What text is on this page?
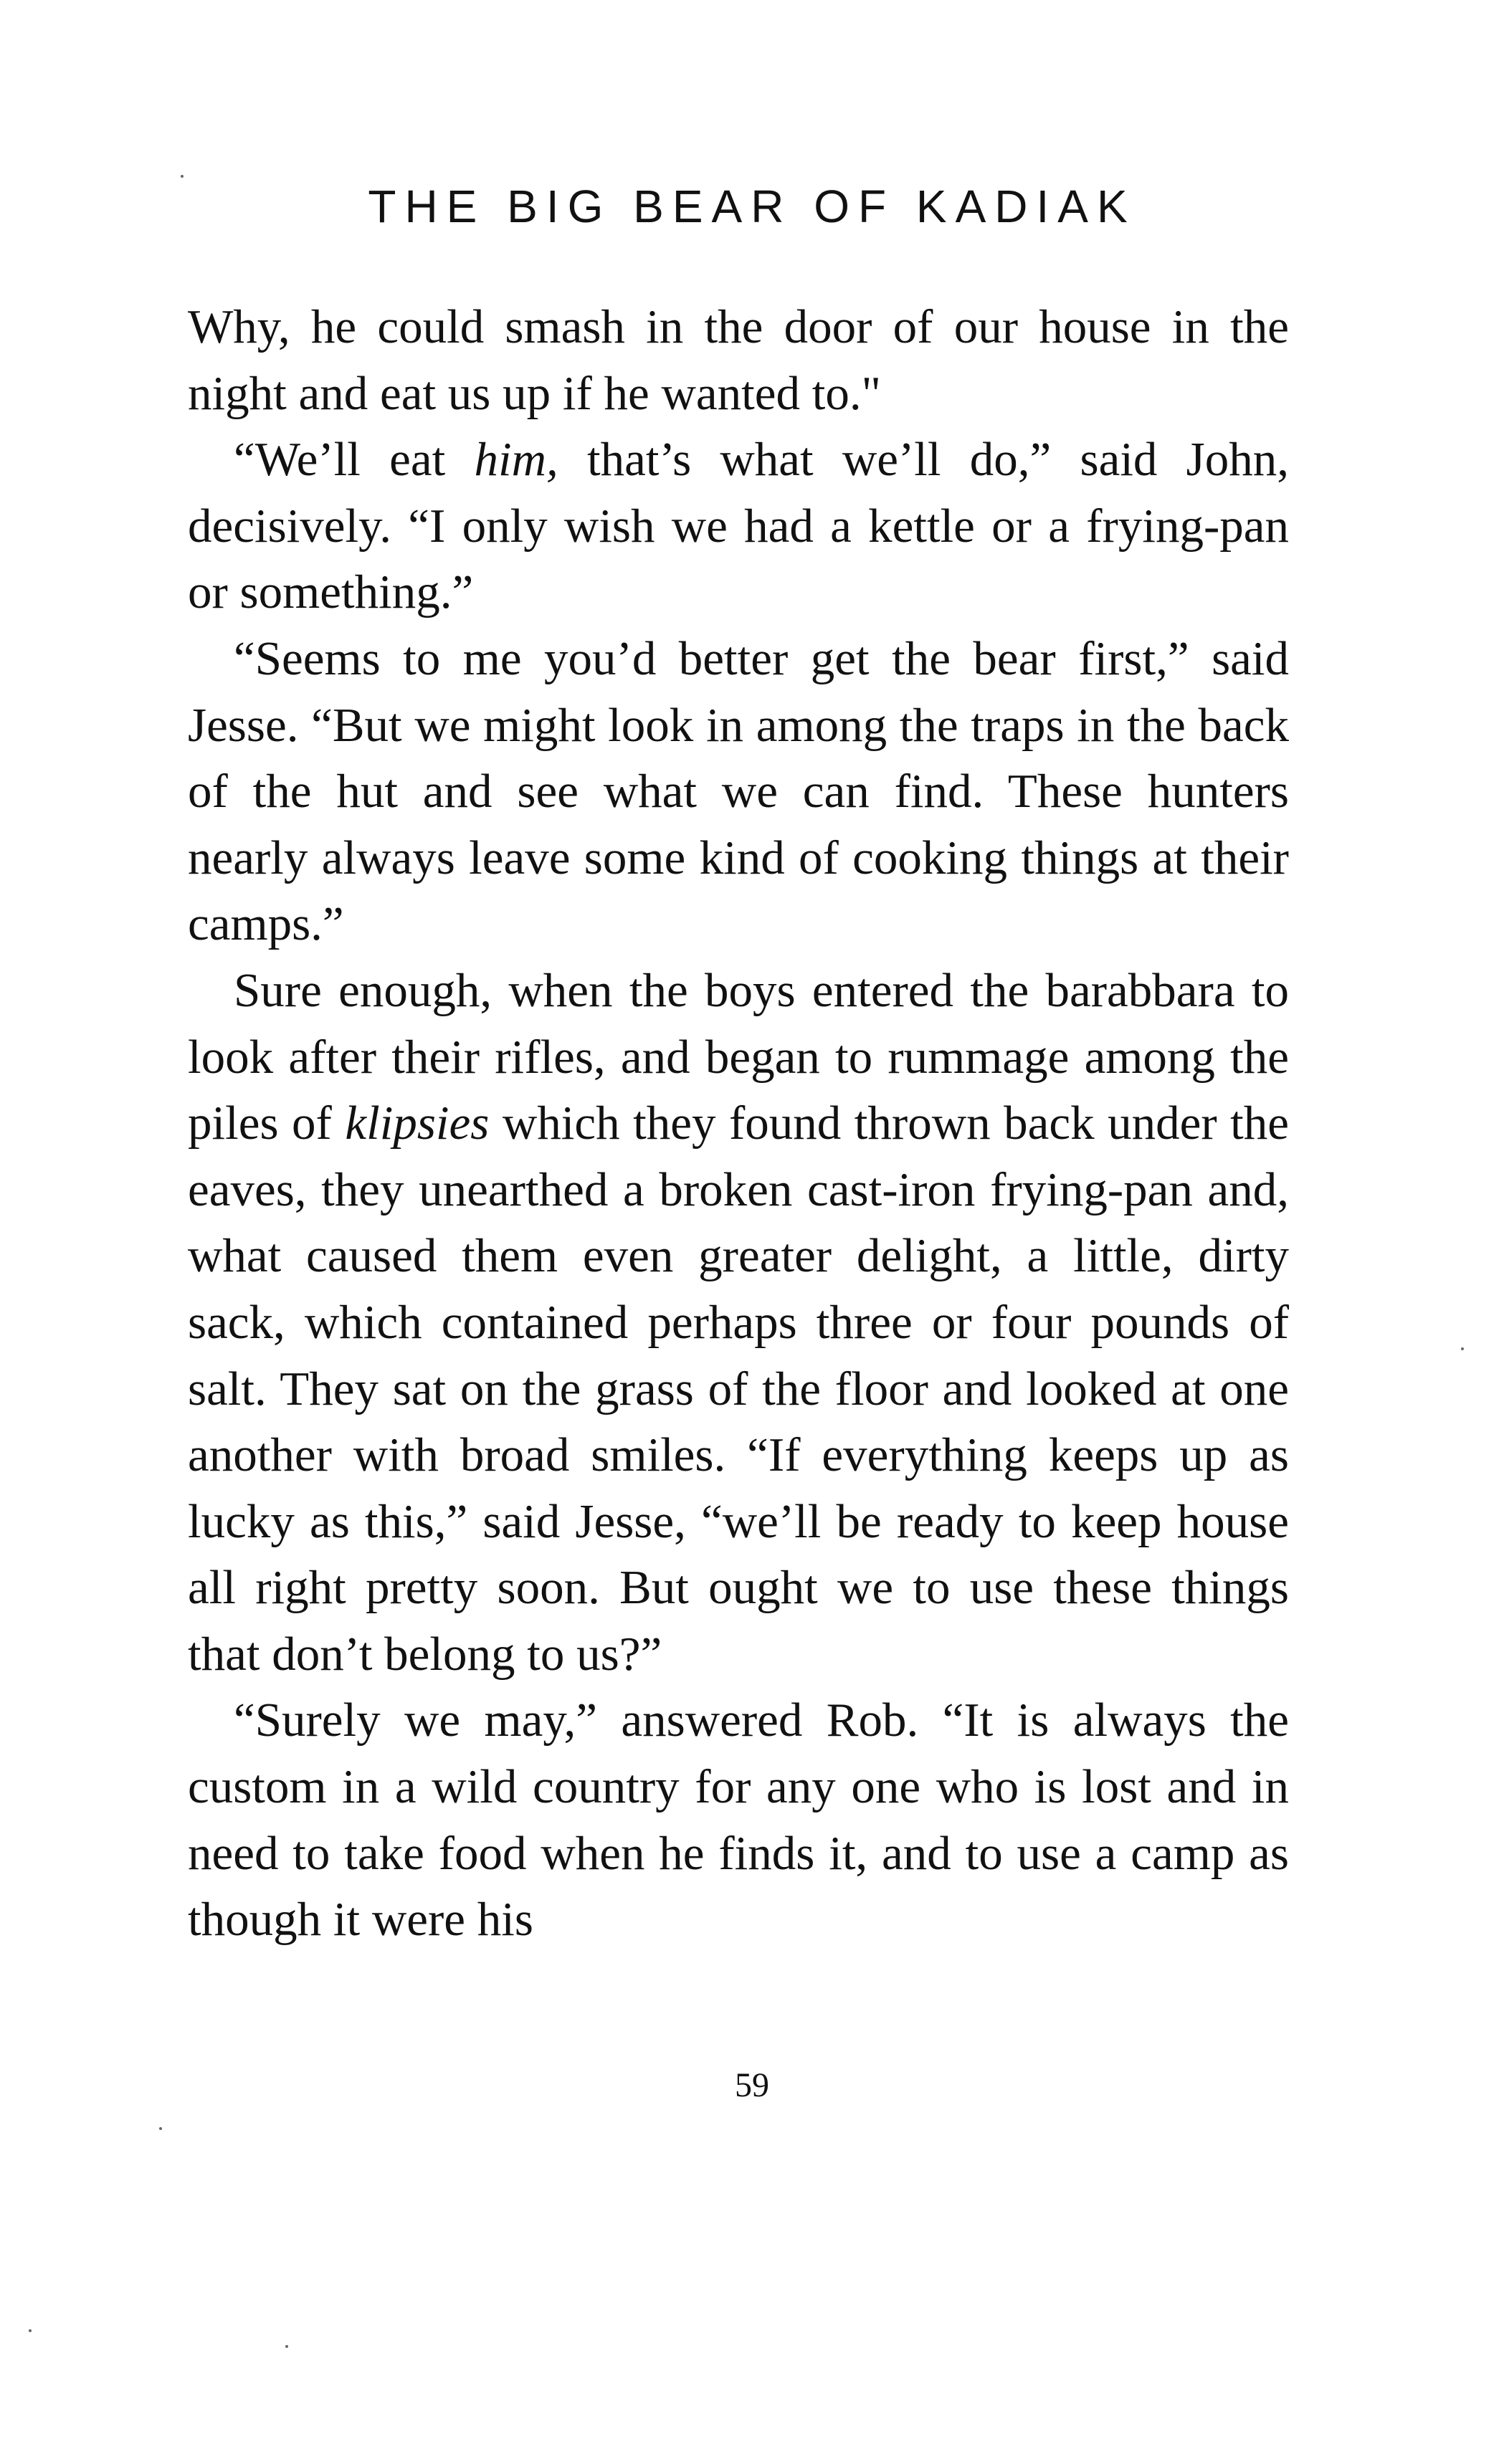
THE BIG BEAR OF KADIAK

Why, he could smash in the door of our house in the night and eat us up if he wanted to."

“We’ll eat him, that’s what we’ll do,” said John, decisively. “I only wish we had a kettle or a frying-pan or something.”

“Seems to me you’d better get the bear first,” said Jesse. “But we might look in among the traps in the back of the hut and see what we can find. These hunters nearly always leave some kind of cooking things at their camps.”

Sure enough, when the boys entered the barabbara to look after their rifles, and began to rummage among the piles of klipsies which they found thrown back under the eaves, they unearthed a broken cast-iron frying-pan and, what caused them even greater delight, a little, dirty sack, which contained perhaps three or four pounds of salt. They sat on the grass of the floor and looked at one another with broad smiles. “If everything keeps up as lucky as this,” said Jesse, “we’ll be ready to keep house all right pretty soon. But ought we to use these things that don’t belong to us?”

“Surely we may,” answered Rob. “It is always the custom in a wild country for any one who is lost and in need to take food when he finds it, and to use a camp as though it were his

59
